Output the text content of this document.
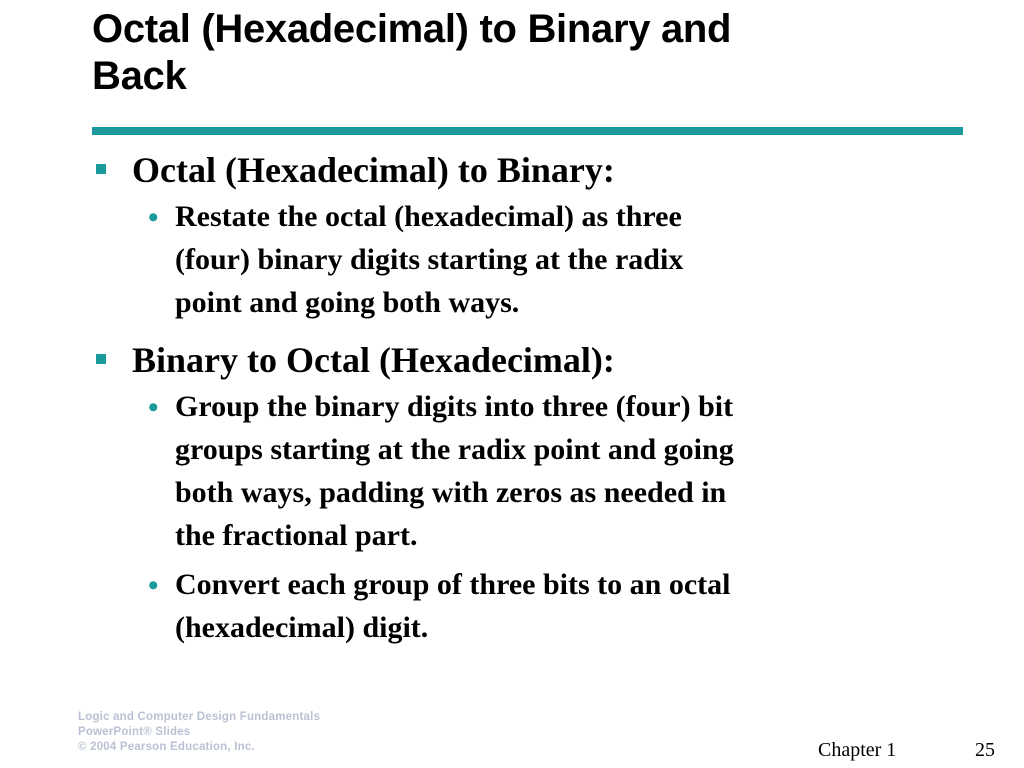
Octal (Hexadecimal) to Binary and
Back
Octal (Hexadecimal) to Binary:
• Restate the octal (hexadecimal) as three
(four) binary digits starting at the radix
point and going both ways.
Binary to Octal (Hexadecimal):
• Group the binary digits into three (four) bit
groups starting at the radix point and going
both ways, padding with zeros as needed in
the fractional part.
• Convert each group of three bits to an octal
(hexadecimal) digit.
Logic and Computer Design Fundamentals
PowerPoint® Slides
© 2004 Pearson Education, Inc.	Chapter 1	25
